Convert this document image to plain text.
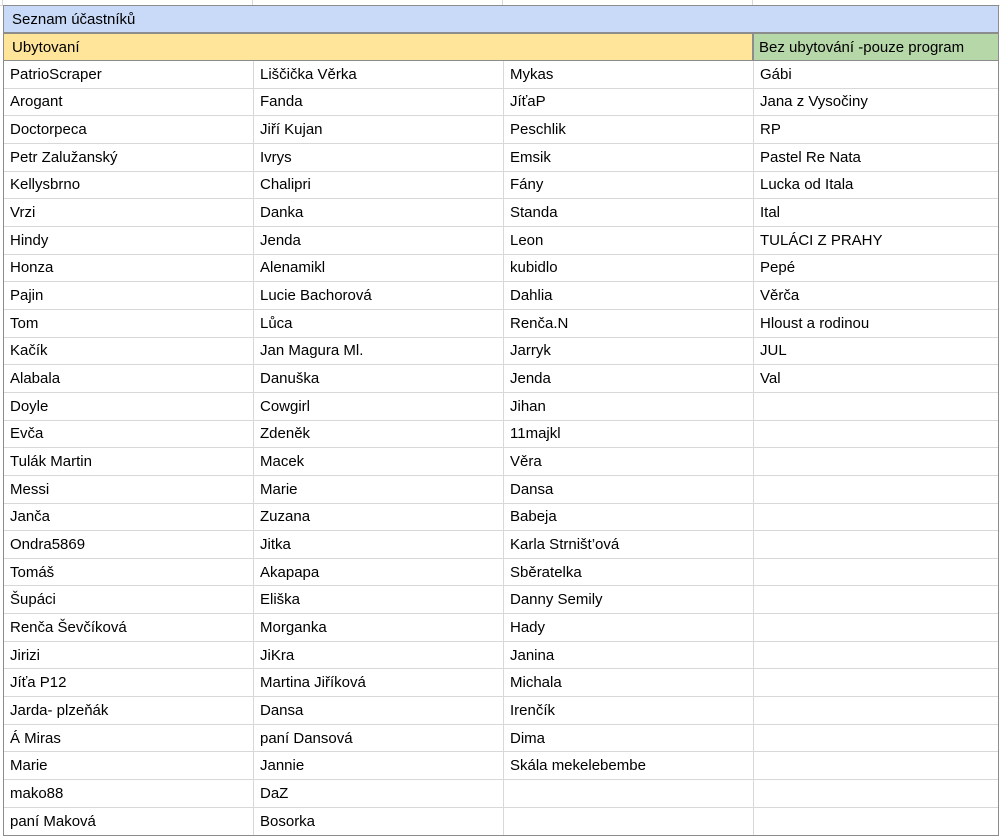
Seznam účastníků
Ubytovaní	Bez ubytování -pouze program
PatrioScraper	Liščička Věrka	Mykas	Gábi
Arogant	Fanda	JíťaP	Jana z Vysočiny
Doctorpeca	Jiří Kujan	Peschlik	RP
Petr Zalužanský	Ivrys	Emsik	Pastel Re Nata
Kellysbrno	Chalipri	Fány	Lucka od Itala
Vrzi	Danka	Standa	Ital
Hindy	Jenda	Leon	TULÁCI Z PRAHY
Honza	Alenamikl	kubidlo	Pepé
Pajin	Lucie Bachorová	Dahlia	Věrča
Tom	Lůca	Renča.N	Hloust a rodinou
Kačík	Jan Magura Ml.	Jarryk	JUL
Alabala	Danuška	Jenda	Val
Doyle	Cowgirl	Jihan
Evča	Zdeněk	11majkl
Tulák Martin	Macek	Věra
Messi	Marie	Dansa
Janča	Zuzana	Babeja
Ondra5869	Jitka	Karla Strništ’ová
Tomáš	Akapapa	Sběratelka
Šupáci	Eliška	Danny Semily
Renča Ševčíková	Morganka	Hady
Jirizi	JiKra	Janina
Jíťa P12	Martina Jiříková	Michala
Jarda- plzeňák	Dansa	Irenčík
Á Miras	paní Dansová	Dima
Marie	Jannie	Skála mekelebembe
mako88	DaZ
paní Maková	Bosorka
